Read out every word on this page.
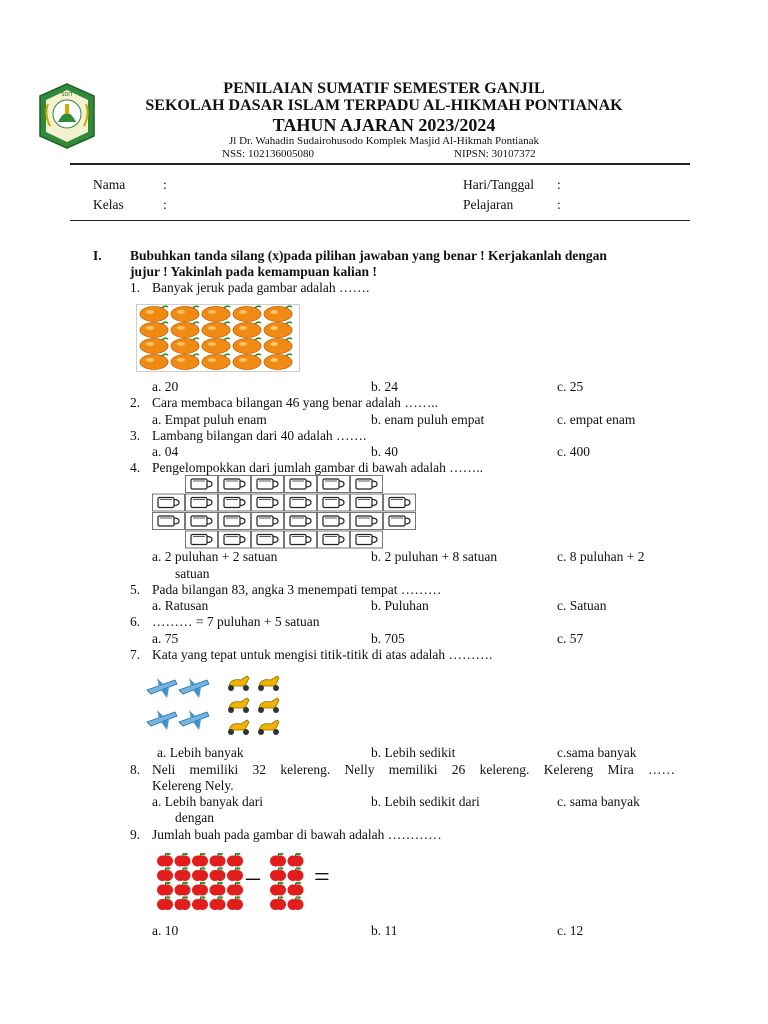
SDIT	PENILAIAN SUMATIF SEMESTER GANJIL
SEKOLAH DASAR ISLAM TERPADU AL-HIKMAH PONTIANAK
TAHUN AJARAN 2023/2024
Jl Dr. Wahadin Sudairohusodo Komplek Masjid Al-Hikmah Pontianak
NSS: 102136005080	NIPSN: 30107372
Nama	:	Hari/Tanggal :
Kelas	:	Pelajaran	:
I. Bubuhkan tanda silang (x)pada pilihan jawaban yang benar ! Kerjakanlah dengan
jujur ! Yakinlah pada kemampuan kalian !
1. Banyak jeruk pada gambar adalah …….
a. 20	b. 24	c. 25
2. Cara membaca bilangan 46 yang benar adalah ……..
a. Empat puluh enam	b. enam puluh empat	c. empat enam
3. Lambang bilangan dari 40 adalah …….
a. 04	b. 40	c. 400
4. Pengelompokkan dari jumlah gambar di bawah adalah ……..
a. 2 puluhan + 2 satuan
satuan
b. 2 puluhan + 8 satuan	c. 8 puluhan + 2
5. Pada bilangan 83, angka 3 menempati tempat ………
a. Ratusan	b. Puluhan	c. Satuan
6. ……… = 7 puluhan + 5 satuan
a. 75	b. 705	c. 57
7. Kata yang tepat untuk mengisi titik-titik di atas adalah ……….
a. Lebih banyak	b. Lebih sedikit	c.sama banyak
8. Neli memiliki 32 kelereng. Nelly memiliki 26 kelereng. Kelereng Mira ……
Kelereng Nely.
a. Lebih banyak dari
dengan
b. Lebih sedikit dari	c. sama banyak
9. Jumlah buah pada gambar di bawah adalah …………
– =
a. 10	b. 11	c. 12
